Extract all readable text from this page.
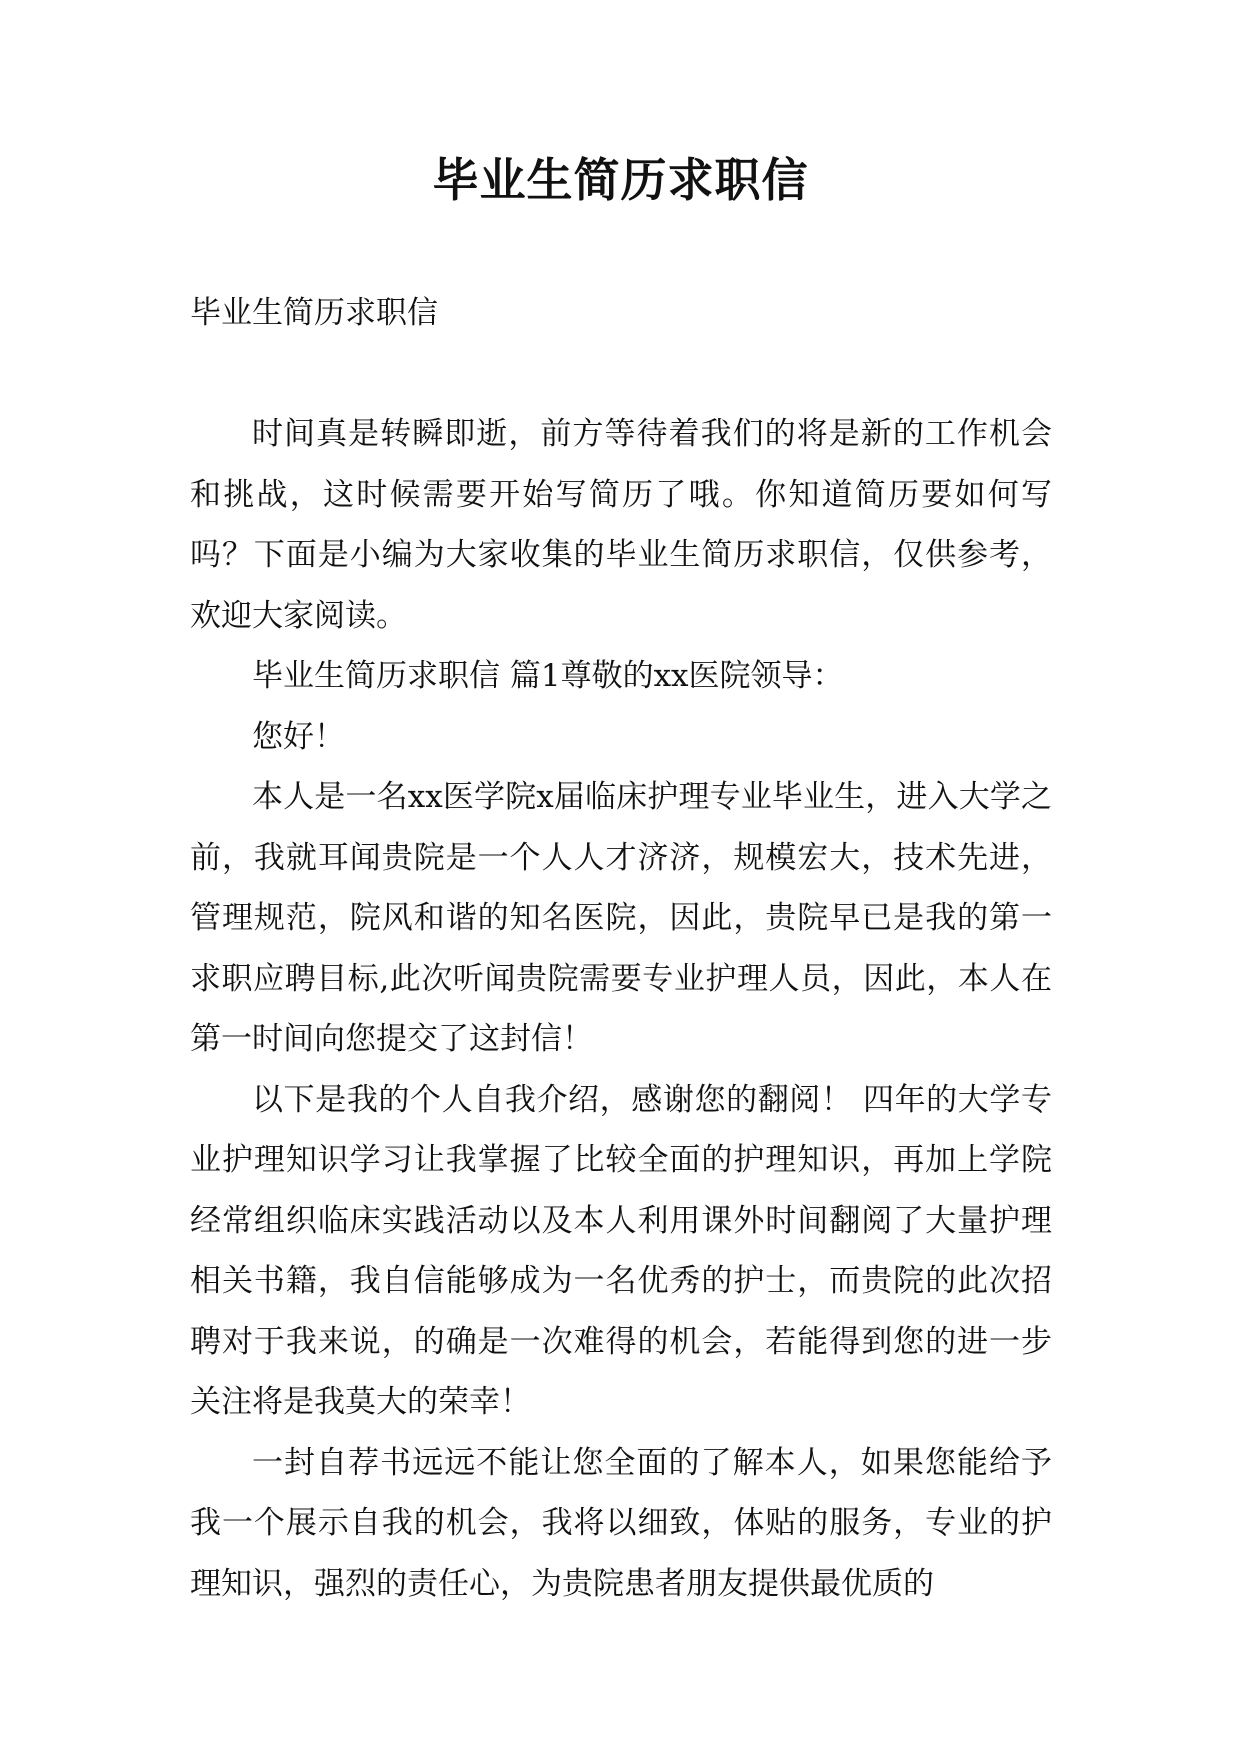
毕业生简历求职信

毕业生简历求职信

时间真是转瞬即逝，前方等待着我们的将是新的工作机会和挑战，这时候需要开始写简历了哦。你知道简历要如何写吗？下面是小编为大家收集的毕业生简历求职信，仅供参考，欢迎大家阅读。

毕业生简历求职信 篇1尊敬的xx医院领导：

您好！

本人是一名xx医学院x届临床护理专业毕业生，进入大学之前，我就耳闻贵院是一个人人才济济，规模宏大，技术先进，管理规范，院风和谐的知名医院，因此，贵院早已是我的第一求职应聘目标,此次听闻贵院需要专业护理人员，因此，本人在第一时间向您提交了这封信！

以下是我的个人自我介绍，感谢您的翻阅！ 四年的大学专业护理知识学习让我掌握了比较全面的护理知识，再加上学院经常组织临床实践活动以及本人利用课外时间翻阅了大量护理相关书籍，我自信能够成为一名优秀的护士，而贵院的此次招聘对于我来说，的确是一次难得的机会，若能得到您的进一步关注将是我莫大的荣幸！

一封自荐书远远不能让您全面的了解本人，如果您能给予我一个展示自我的机会，我将以细致，体贴的服务，专业的护理知识，强烈的责任心，为贵院患者朋友提供最优质的
